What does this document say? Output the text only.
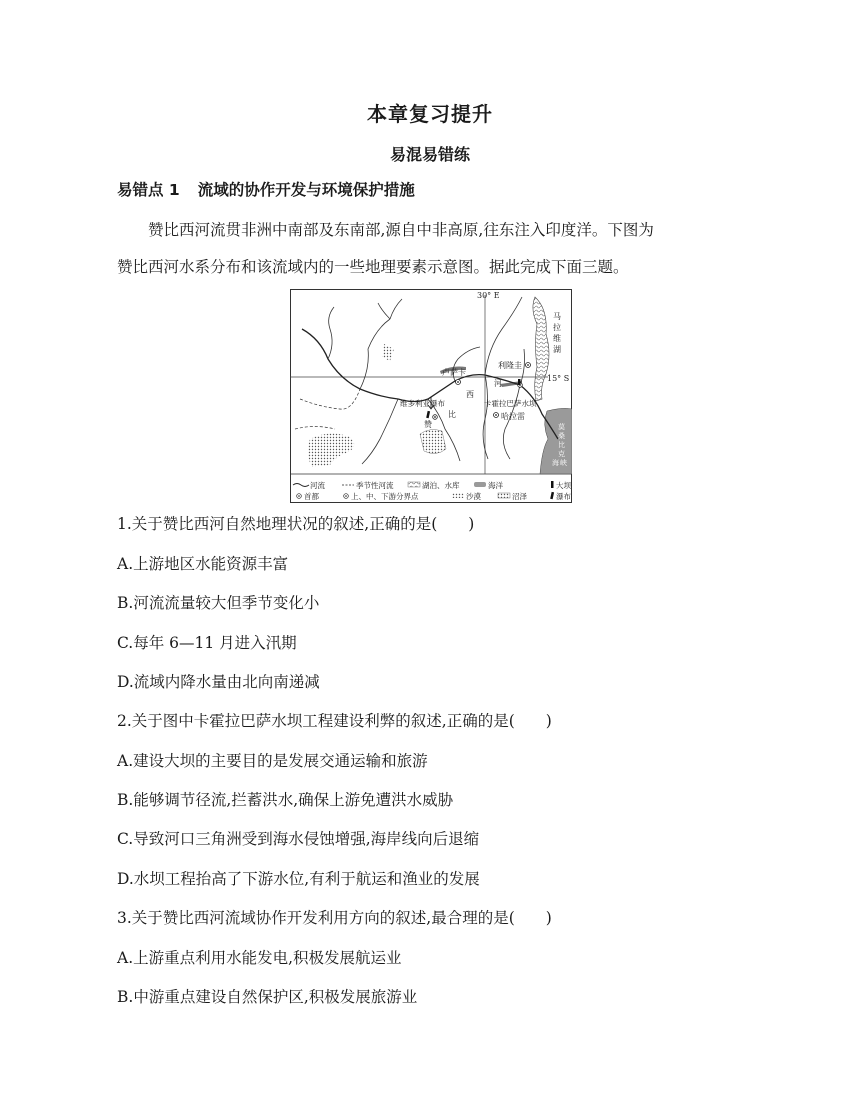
本章复习提升
易混易错练
易错点 1 流域的协作开发与环境保护措施
赞比西河流贯非洲中南部及东南部,源自中非高原,往东注入印度洋。下图为
赞比西河水系分布和该流域内的一些地理要素示意图。据此完成下面三题。
30° E
15° S
马
拉
维
湖
利隆圭
卢萨卡
西
河
维多利亚瀑布
比
赞
卡霍拉巴萨水坝
哈拉雷
莫
桑
比
克
海 峡
河流	季节性河流	湖泊、水库	海洋	大坝
首都	上、中、下游分界点	沙漠	沼泽	瀑布
1.关于赞比西河自然地理状况的叙述,正确的是(　　)
A.上游地区水能资源丰富
B.河流流量较大但季节变化小
C.每年 6—11 月进入汛期
D.流域内降水量由北向南递减
2.关于图中卡霍拉巴萨水坝工程建设利弊的叙述,正确的是(　　)
A.建设大坝的主要目的是发展交通运输和旅游
B.能够调节径流,拦蓄洪水,确保上游免遭洪水威胁
C.导致河口三角洲受到海水侵蚀增强,海岸线向后退缩
D.水坝工程抬高了下游水位,有利于航运和渔业的发展
3.关于赞比西河流域协作开发利用方向的叙述,最合理的是(　　)
A.上游重点利用水能发电,积极发展航运业
B.中游重点建设自然保护区,积极发展旅游业
